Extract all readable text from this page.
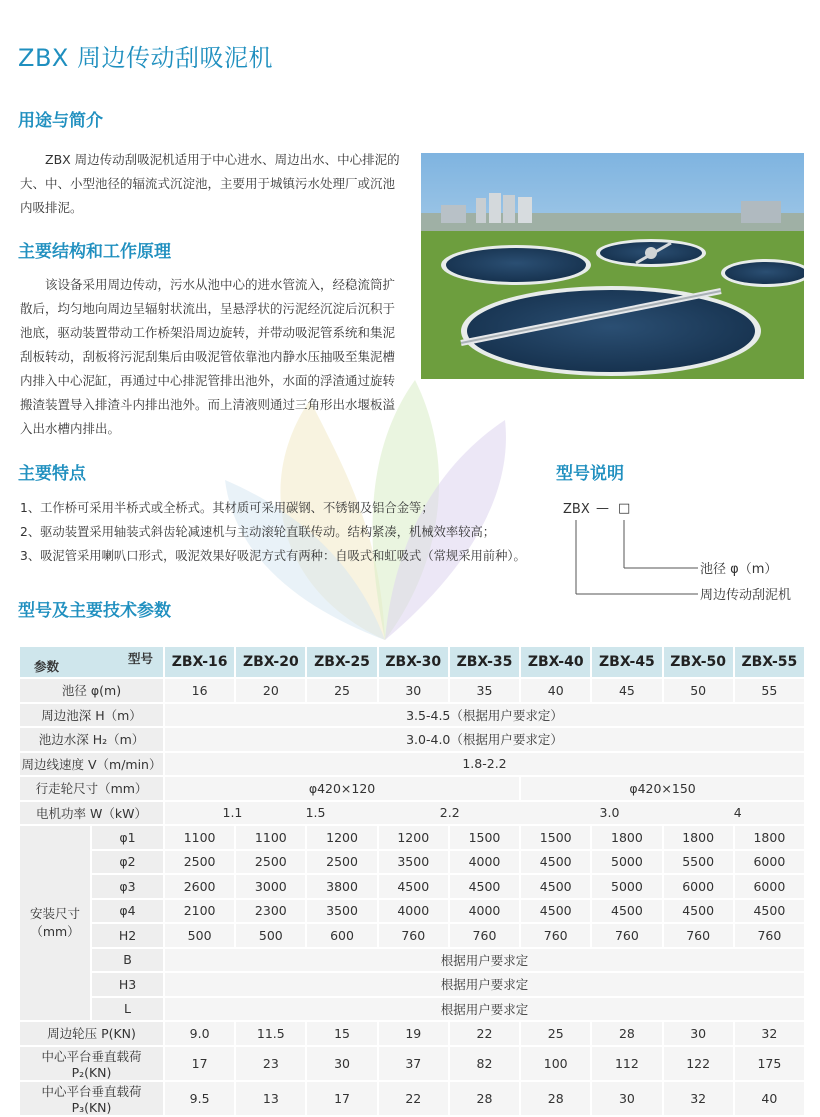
ZBX 周边传动刮吸泥机
用途与简介
ZBX 周边传动刮吸泥机适用于中心进水、周边出水、中心排泥的大、中、小型池径的辐流式沉淀池，主要用于城镇污水处理厂或沉池内吸排泥。
主要结构和工作原理
该设备采用周边传动，污水从池中心的进水管流入，经稳流筒扩散后，均匀地向周边呈辐射状流出，呈悬浮状的污泥经沉淀后沉积于池底，驱动装置带动工作桥架沿周边旋转，并带动吸泥管系统和集泥刮板转动，刮板将污泥刮集后由吸泥管依靠池内静水压抽吸至集泥槽内排入中心泥缸，再通过中心排泥管排出池外，水面的浮渣通过旋转搬渣装置导入排渣斗内排出池外。而上清液则通过三角形出水堰板溢入出水槽内排出。
主要特点
1、工作桥可采用半桥式或全桥式。其材质可采用碳钢、不锈钢及铝合金等；
2、驱动装置采用轴装式斜齿轮减速机与主动滚轮直联传动。结构紧凑，机械效率较高；
3、吸泥管采用喇叭口形式，吸泥效果好吸泥方式有两种：自吸式和虹吸式（常规采用前种）。
型号说明
ZBX — □
池径 φ（m）
周边传动刮泥机
型号及主要技术参数
型号
参数		ZBX-16	ZBX-20	ZBX-25	ZBX-30	ZBX-35	ZBX-40	ZBX-45	ZBX-50	ZBX-55
池径 φ(m)		16	20	25	30	35	40	45	50	55
周边池深 H（m）		3.5-4.5（根据用户要求定）								
池边水深 H₂（m）		3.0-4.0（根据用户要求定）								
周边线速度 V（m/min）		1.8-2.2								
行走轮尺寸（mm）		φ420×120					φ420×150			
电机功率 W（kW）		1.1 1.5 2.2 3.0 4								

安装尺寸
（mm）	φ1	1100	1100	1200	1200	1500	1500	1800	1800	1800
	φ2	2500	2500	2500	3500	4000	4500	5000	5500	6000
	φ3	2600	3000	3800	4500	4500	4500	5000	6000	6000
	φ4	2100	2300	3500	4000	4000	4500	4500	4500	4500
	H2	500	500	600	760	760	760	760	760	760
	B	根据用户要求定								
	H3	根据用户要求定								
	L	根据用户要求定								
周边轮压 P(KN)		9.0	11.5	15	19	22	25	28	30	32
中心平台垂直载荷 P₂(KN)		17	23	30	37	82	100	112	122	175
中心平台垂直载荷 P₃(KN)		9.5	13	17	22	28	28	30	32	40
